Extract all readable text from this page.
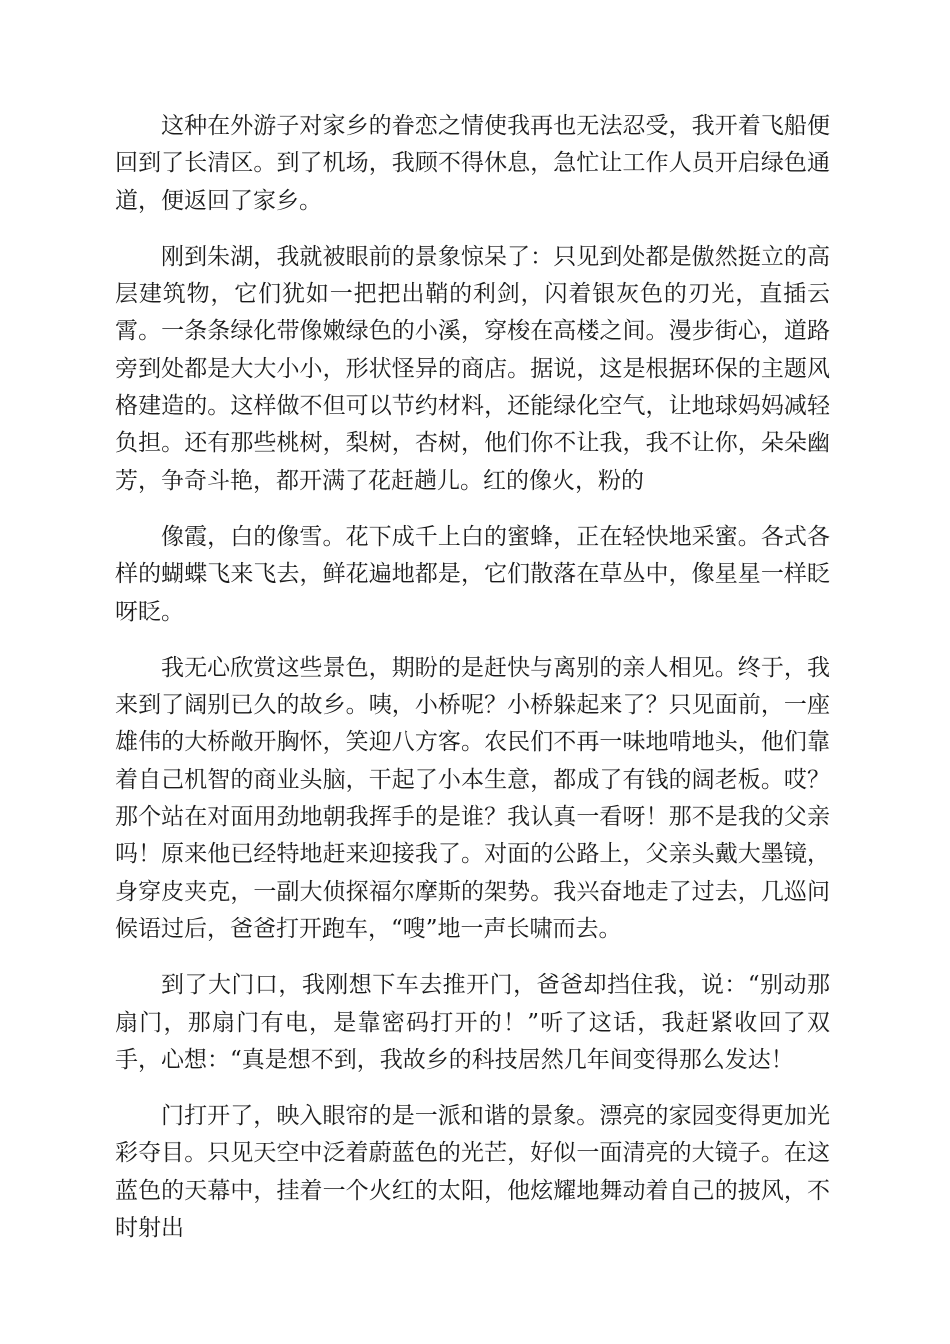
这种在外游子对家乡的眷恋之情使我再也无法忍受，我开着飞船便回到了长清区。到了机场，我顾不得休息，急忙让工作人员开启绿色通道，便返回了家乡。

刚到朱湖，我就被眼前的景象惊呆了：只见到处都是傲然挺立的高层建筑物，它们犹如一把把出鞘的利剑，闪着银灰色的刃光，直插云霄。一条条绿化带像嫩绿色的小溪，穿梭在高楼之间。漫步街心，道路旁到处都是大大小小，形状怪异的商店。据说，这是根据环保的主题风格建造的。这样做不但可以节约材料，还能绿化空气，让地球妈妈减轻负担。还有那些桃树，梨树，杏树，他们你不让我，我不让你，朵朵幽芳，争奇斗艳，都开满了花赶趟儿。红的像火，粉的

像霞，白的像雪。花下成千上白的蜜蜂，正在轻快地采蜜。各式各样的蝴蝶飞来飞去，鲜花遍地都是，它们散落在草丛中，像星星一样眨呀眨。

我无心欣赏这些景色，期盼的是赶快与离别的亲人相见。终于，我来到了阔别已久的故乡。咦，小桥呢？小桥躲起来了？只见面前，一座雄伟的大桥敞开胸怀，笑迎八方客。农民们不再一味地啃地头，他们靠着自己机智的商业头脑，干起了小本生意，都成了有钱的阔老板。哎？那个站在对面用劲地朝我挥手的是谁？我认真一看呀！那不是我的父亲吗！原来他已经特地赶来迎接我了。对面的公路上，父亲头戴大墨镜，身穿皮夹克，一副大侦探福尔摩斯的架势。我兴奋地走了过去，几巡问候语过后，爸爸打开跑车，“嗖”地一声长啸而去。

到了大门口，我刚想下车去推开门，爸爸却挡住我，说：“别动那扇门，那扇门有电，是靠密码打开的！”听了这话，我赶紧收回了双手，心想：“真是想不到，我故乡的科技居然几年间变得那么发达！

门打开了，映入眼帘的是一派和谐的景象。漂亮的家园变得更加光彩夺目。只见天空中泛着蔚蓝色的光芒，好似一面清亮的大镜子。在这蓝色的天幕中，挂着一个火红的太阳，他炫耀地舞动着自己的披风，不时射出
